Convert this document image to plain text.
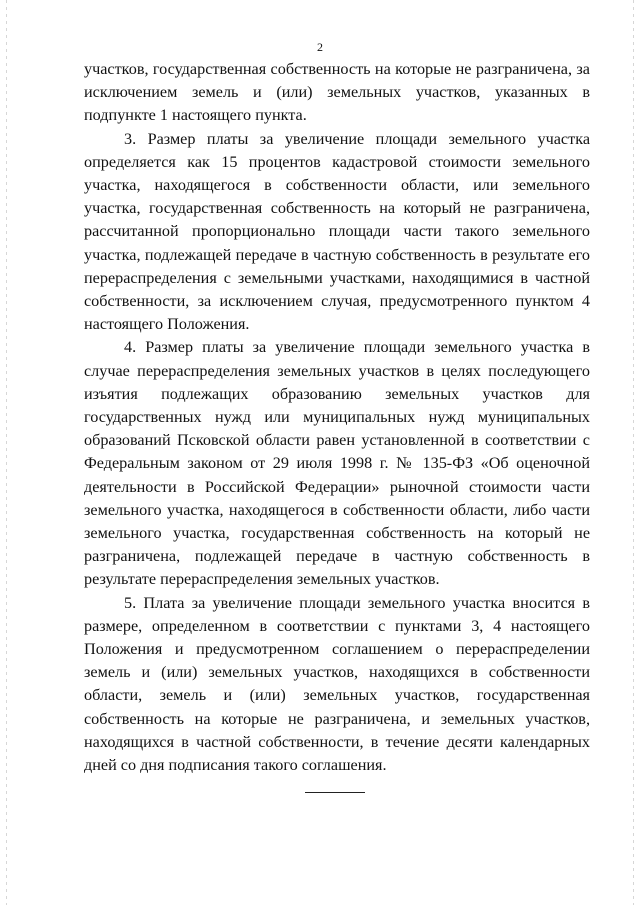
2

участков, государственная собственность на которые не разграничена, за исключением земель и (или) земельных участков, указанных в подпункте 1 настоящего пункта.

3. Размер платы за увеличение площади земельного участка определяется как 15 процентов кадастровой стоимости земельного участка, находящегося в собственности области, или земельного участка, государственная собственность на который не разграничена, рассчитанной пропорционально площади части такого земельного участка, подлежащей передаче в частную собственность в результате его перераспределения с земельными участками, находящимися в частной собственности, за исключением случая, предусмотренного пунктом 4 настоящего Положения.

4. Размер платы за увеличение площади земельного участка в случае перераспределения земельных участков в целях последующего изъятия подлежащих образованию земельных участков для государственных нужд или муниципальных нужд муниципальных образований Псковской области равен установленной в соответствии с Федеральным законом от 29 июля 1998 г. № 135-ФЗ «Об оценочной деятельности в Российской Федерации» рыночной стоимости части земельного участка, находящегося в собственности области, либо части земельного участка, государственная собственность на который не разграничена, подлежащей передаче в частную собственность в результате перераспределения земельных участков.

5. Плата за увеличение площади земельного участка вносится в размере, определенном в соответствии с пунктами 3, 4 настоящего Положения и предусмотренном соглашением о перераспределении земель и (или) земельных участков, находящихся в собственности области, земель и (или) земельных участков, государственная собственность на которые не разграничена, и земельных участков, находящихся в частной собственности, в течение десяти календарных дней со дня подписания такого соглашения.
